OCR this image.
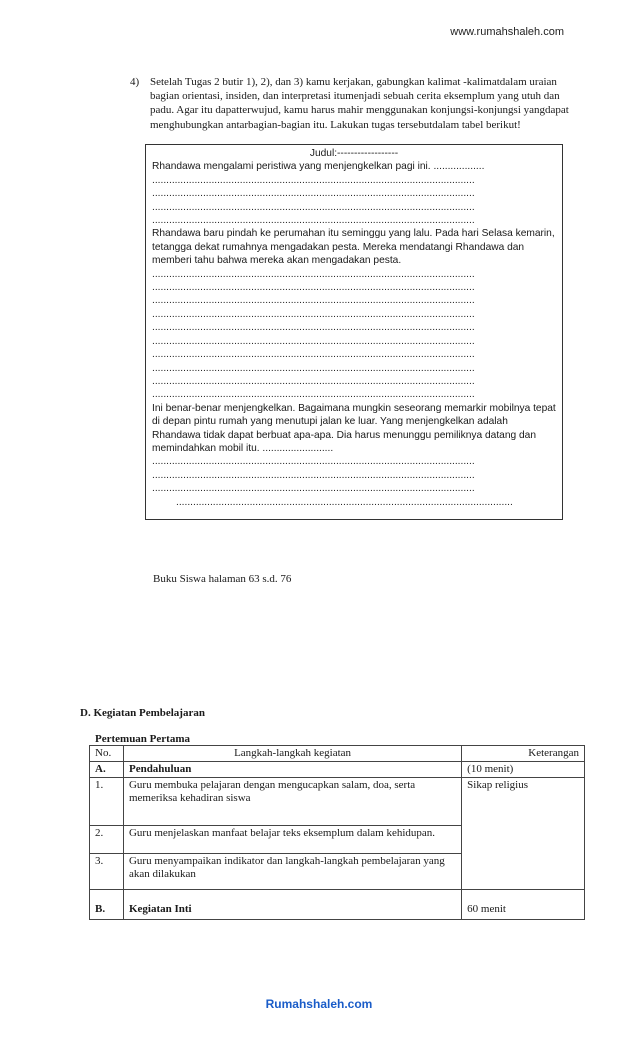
www.rumahshaleh.com
4) Setelah Tugas 2 butir 1), 2), dan 3) kamu kerjakan, gabungkan kalimat -kalimatdalam uraian bagian orientasi, insiden, dan interpretasi itumenjadi sebuah cerita eksemplum yang utuh dan padu. Agar itu dapatterwujud, kamu harus mahir menggunakan konjungsi-konjungsi yangdapat menghubungkan antarbagian-bagian itu. Lakukan tugas tersebutdalam tabel berikut!
Judul:------------------

Rhandawa mengalami peristiwa yang menjengkelkan pagi ini. ..................

..................................................................................................................
..................................................................................................................
..................................................................................................................
..................................................................................................................

Rhandawa baru pindah ke perumahan itu seminggu yang lalu. Pada hari Selasa kemarin, tetangga dekat rumahnya mengadakan pesta. Mereka mendatangi Rhandawa dan memberi tahu bahwa mereka akan mengadakan pesta.

..................................................................................................................
..................................................................................................................
..................................................................................................................
..................................................................................................................
..................................................................................................................
..................................................................................................................
..................................................................................................................
..................................................................................................................
..................................................................................................................
..................................................................................................................

Ini benar-benar menjengkelkan. Bagaimana mungkin seseorang memarkir mobilnya tepat di depan pintu rumah yang menutupi jalan ke luar. Yang menjengkelkan adalah Rhandawa tidak dapat berbuat apa-apa. Dia harus menunggu pemiliknya datang dan memindahkan mobil itu. .........................

..................................................................................................................
..................................................................................................................
..................................................................................................................
.......................................................................................................................
Buku Siswa halaman 63 s.d. 76
D. Kegiatan Pembelajaran
Pertemuan Pertama
No.	Langkah-langkah kegiatan	Keterangan
A.	Pendahuluan	(10 menit)
1.	Guru membuka pelajaran dengan mengucapkan salam, doa, serta memeriksa kehadiran siswa	Sikap religius
2.	Guru menjelaskan manfaat belajar teks eksemplum dalam kehidupan.	
3.	Guru menyampaikan indikator dan langkah-langkah pembelajaran yang akan dilakukan	
B.	Kegiatan Inti	60 menit
Rumahshaleh.com
